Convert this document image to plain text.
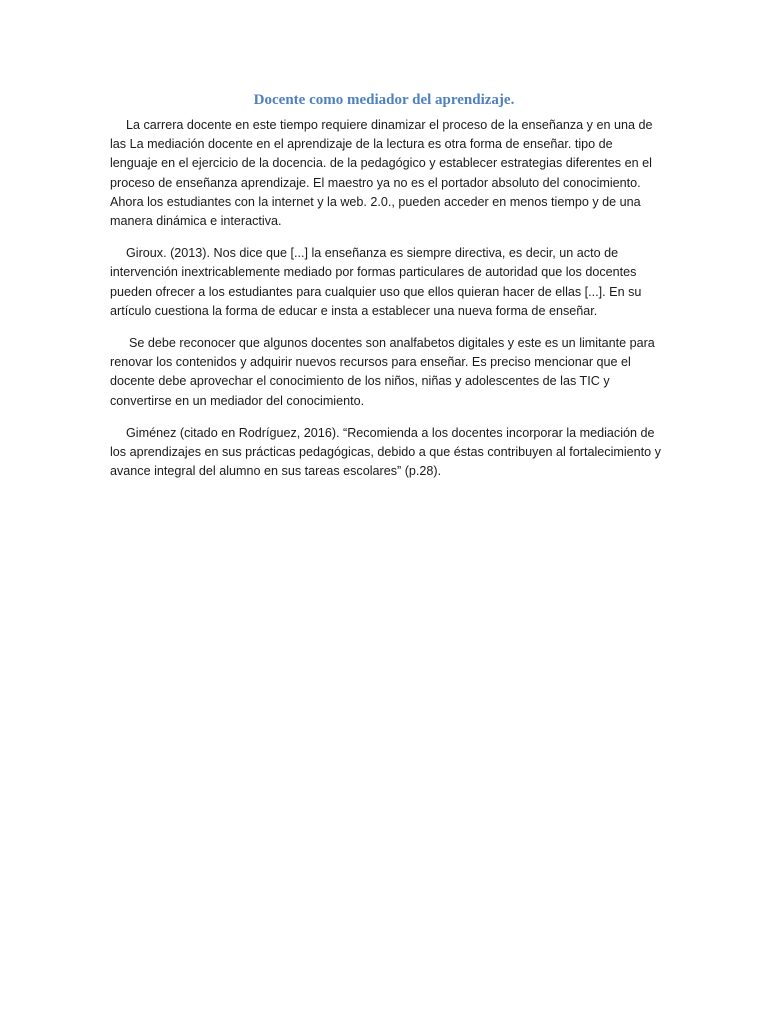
Docente como mediador del aprendizaje.

La carrera docente en este tiempo requiere dinamizar el proceso de la enseñanza y en una de las La mediación docente en el aprendizaje de la lectura es otra forma de enseñar. tipo de lenguaje en el ejercicio de la docencia. de la pedagógico y establecer estrategias diferentes en el proceso de enseñanza aprendizaje. El maestro ya no es el portador absoluto del conocimiento. Ahora los estudiantes con la internet y la web. 2.0., pueden acceder en menos tiempo y de una manera dinámica e interactiva.

Giroux. (2013). Nos dice que [...] la enseñanza es siempre directiva, es decir, un acto de intervención inextricablemente mediado por formas particulares de autoridad que los docentes pueden ofrecer a los estudiantes para cualquier uso que ellos quieran hacer de ellas [...]. En su artículo cuestiona la forma de educar e insta a establecer una nueva forma de enseñar.

Se debe reconocer que algunos docentes son analfabetos digitales y este es un limitante para renovar los contenidos y adquirir nuevos recursos para enseñar. Es preciso mencionar que el docente debe aprovechar el conocimiento de los niños, niñas y adolescentes de las TIC y convertirse en un mediador del conocimiento.

Giménez (citado en Rodríguez, 2016). “Recomienda a los docentes incorporar la mediación de los aprendizajes en sus prácticas pedagógicas, debido a que éstas contribuyen al fortalecimiento y avance integral del alumno en sus tareas escolares” (p.28).
